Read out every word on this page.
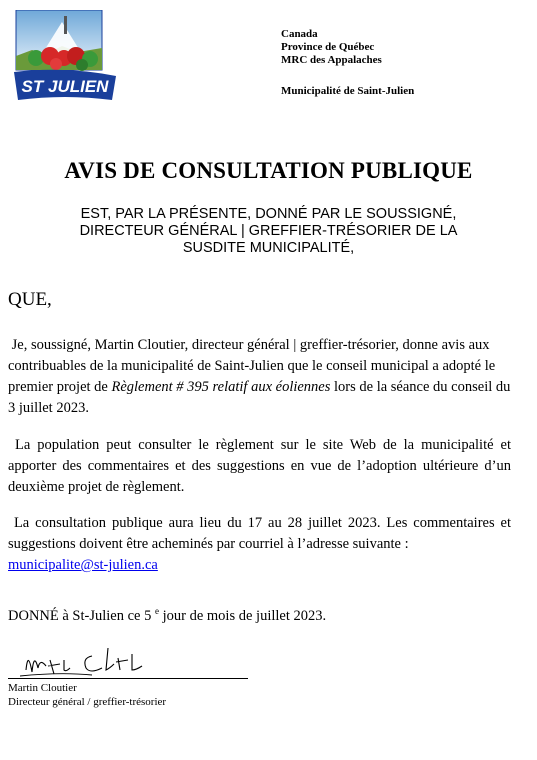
ST JULIEN
Canada
Province de Québec
MRC des Appalaches
Municipalité de Saint-Julien
AVIS DE CONSULTATION PUBLIQUE
EST, PAR LA PRÉSENTE, DONNÉ PAR LE SOUSSIGNÉ,
DIRECTEUR GÉNÉRAL | GREFFIER-TRÉSORIER DE LA
SUSDITE MUNICIPALITÉ,
QUE,
Je, soussigné, Martin Cloutier, directeur général | greffier-trésorier, donne avis aux contribuables de la municipalité de Saint-Julien que le conseil municipal a adopté le premier projet de Règlement # 395 relatif aux éoliennes lors de la séance du conseil du 3 juillet 2023.
La population peut consulter le règlement sur le site Web de la municipalité et apporter des commentaires et des suggestions en vue de l’adoption ultérieure d’un deuxième projet de règlement.
La consultation publique aura lieu du 17 au 28 juillet 2023. Les commentaires et suggestions doivent être acheminés par courriel à l’adresse suivante :
municipalite@st-julien.ca
DONNÉ à St-Julien ce 5 $^e$ jour de mois de juillet 2023.
Martin Cloutier
Directeur général / greffier-trésorier
